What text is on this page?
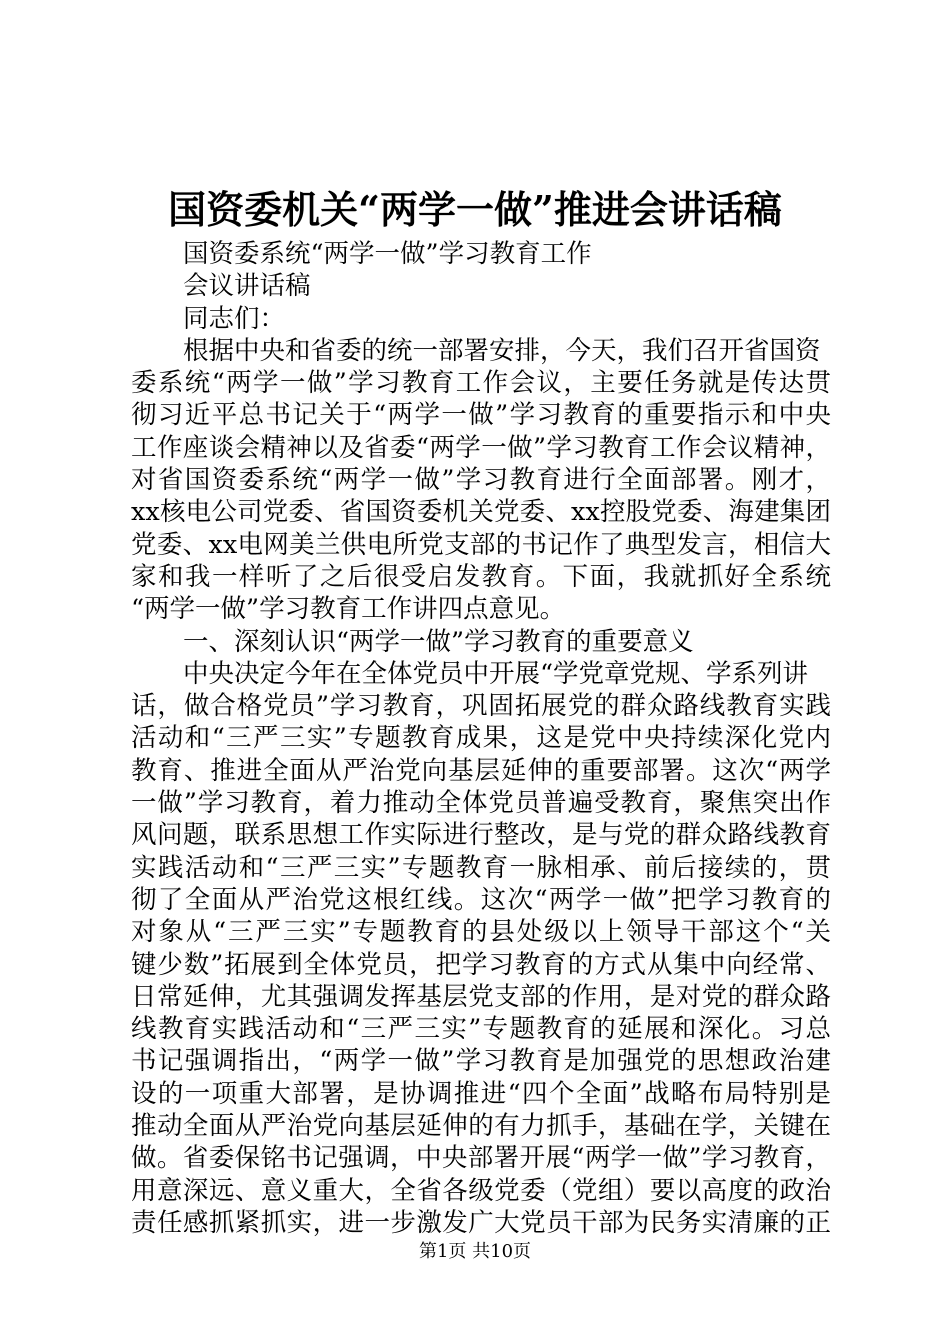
国资委机关“两学一做”推进会讲话稿
国资委系统“两学一做”学习教育工作
会议讲话稿
同志们：
根据中央和省委的统一部署安排，今天，我们召开省国资
委系统“两学一做”学习教育工作会议，主要任务就是传达贯
彻习近平总书记关于“两学一做”学习教育的重要指示和中央
工作座谈会精神以及省委“两学一做”学习教育工作会议精神，
对省国资委系统“两学一做”学习教育进行全面部署。刚才，
xx核电公司党委、省国资委机关党委、xx控股党委、海建集团
党委、xx电网美兰供电所党支部的书记作了典型发言，相信大
家和我一样听了之后很受启发教育。下面，我就抓好全系统
“两学一做”学习教育工作讲四点意见。
一、深刻认识“两学一做”学习教育的重要意义
中央决定今年在全体党员中开展“学党章党规、学系列讲
话，做合格党员”学习教育，巩固拓展党的群众路线教育实践
活动和“三严三实”专题教育成果，这是党中央持续深化党内
教育、推进全面从严治党向基层延伸的重要部署。这次“两学
一做”学习教育，着力推动全体党员普遍受教育，聚焦突出作
风问题，联系思想工作实际进行整改，是与党的群众路线教育
实践活动和“三严三实”专题教育一脉相承、前后接续的，贯
彻了全面从严治党这根红线。这次“两学一做”把学习教育的
对象从“三严三实”专题教育的县处级以上领导干部这个“关
键少数”拓展到全体党员，把学习教育的方式从集中向经常、
日常延伸，尤其强调发挥基层党支部的作用，是对党的群众路
线教育实践活动和“三严三实”专题教育的延展和深化。习总
书记强调指出，“两学一做”学习教育是加强党的思想政治建
设的一项重大部署，是协调推进“四个全面”战略布局特别是
推动全面从严治党向基层延伸的有力抓手，基础在学，关键在
做。省委保铭书记强调，中央部署开展“两学一做”学习教育，
用意深远、意义重大，全省各级党委（党组）要以高度的政治
责任感抓紧抓实，进一步激发广大党员干部为民务实清廉的正
第1页 共10页
